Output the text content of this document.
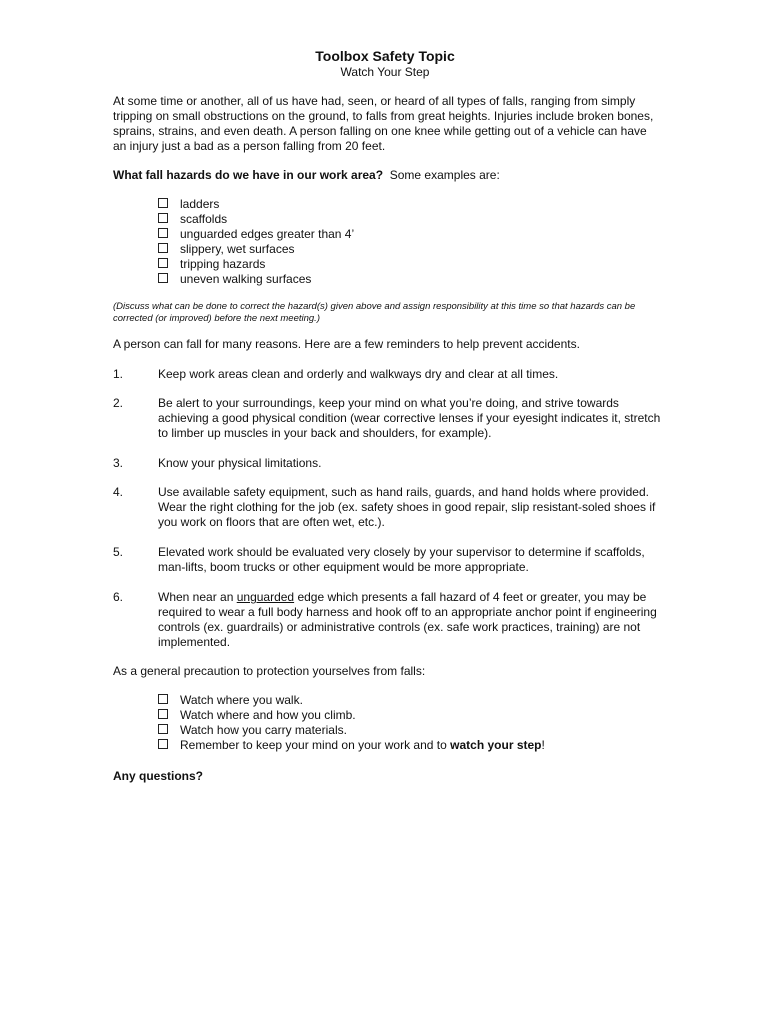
Toolbox Safety Topic
Watch Your Step
At some time or another, all of us have had, seen, or heard of all types of falls, ranging from simply tripping on small obstructions on the ground, to falls from great heights. Injuries include broken bones, sprains, strains, and even death. A person falling on one knee while getting out of a vehicle can have an injury just a bad as a person falling from 20 feet.
What fall hazards do we have in our work area?  Some examples are:
ladders
scaffolds
unguarded edges greater than 4’
slippery, wet surfaces
tripping hazards
uneven walking surfaces
(Discuss what can be done to correct the hazard(s) given above and assign responsibility at this time so that hazards can be corrected (or improved) before the next meeting.)
A person can fall for many reasons. Here are a few reminders to help prevent accidents.
1.	Keep work areas clean and orderly and walkways dry and clear at all times.
2.	Be alert to your surroundings, keep your mind on what you’re doing, and strive towards achieving a good physical condition (wear corrective lenses if your eyesight indicates it, stretch to limber up muscles in your back and shoulders, for example).
3.	Know your physical limitations.
4.	Use available safety equipment, such as hand rails, guards, and hand holds where provided. Wear the right clothing for the job (ex. safety shoes in good repair, slip resistant-soled shoes if you work on floors that are often wet, etc.).
5.	Elevated work should be evaluated very closely by your supervisor to determine if scaffolds, man-lifts, boom trucks or other equipment would be more appropriate.
6.	When near an unguarded edge which presents a fall hazard of 4 feet or greater, you may be required to wear a full body harness and hook off to an appropriate anchor point if engineering controls (ex. guardrails) or administrative controls (ex. safe work practices, training) are not implemented.
As a general precaution to protection yourselves from falls:
Watch where you walk.
Watch where and how you climb.
Watch how you carry materials.
Remember to keep your mind on your work and to watch your step!
Any questions?
